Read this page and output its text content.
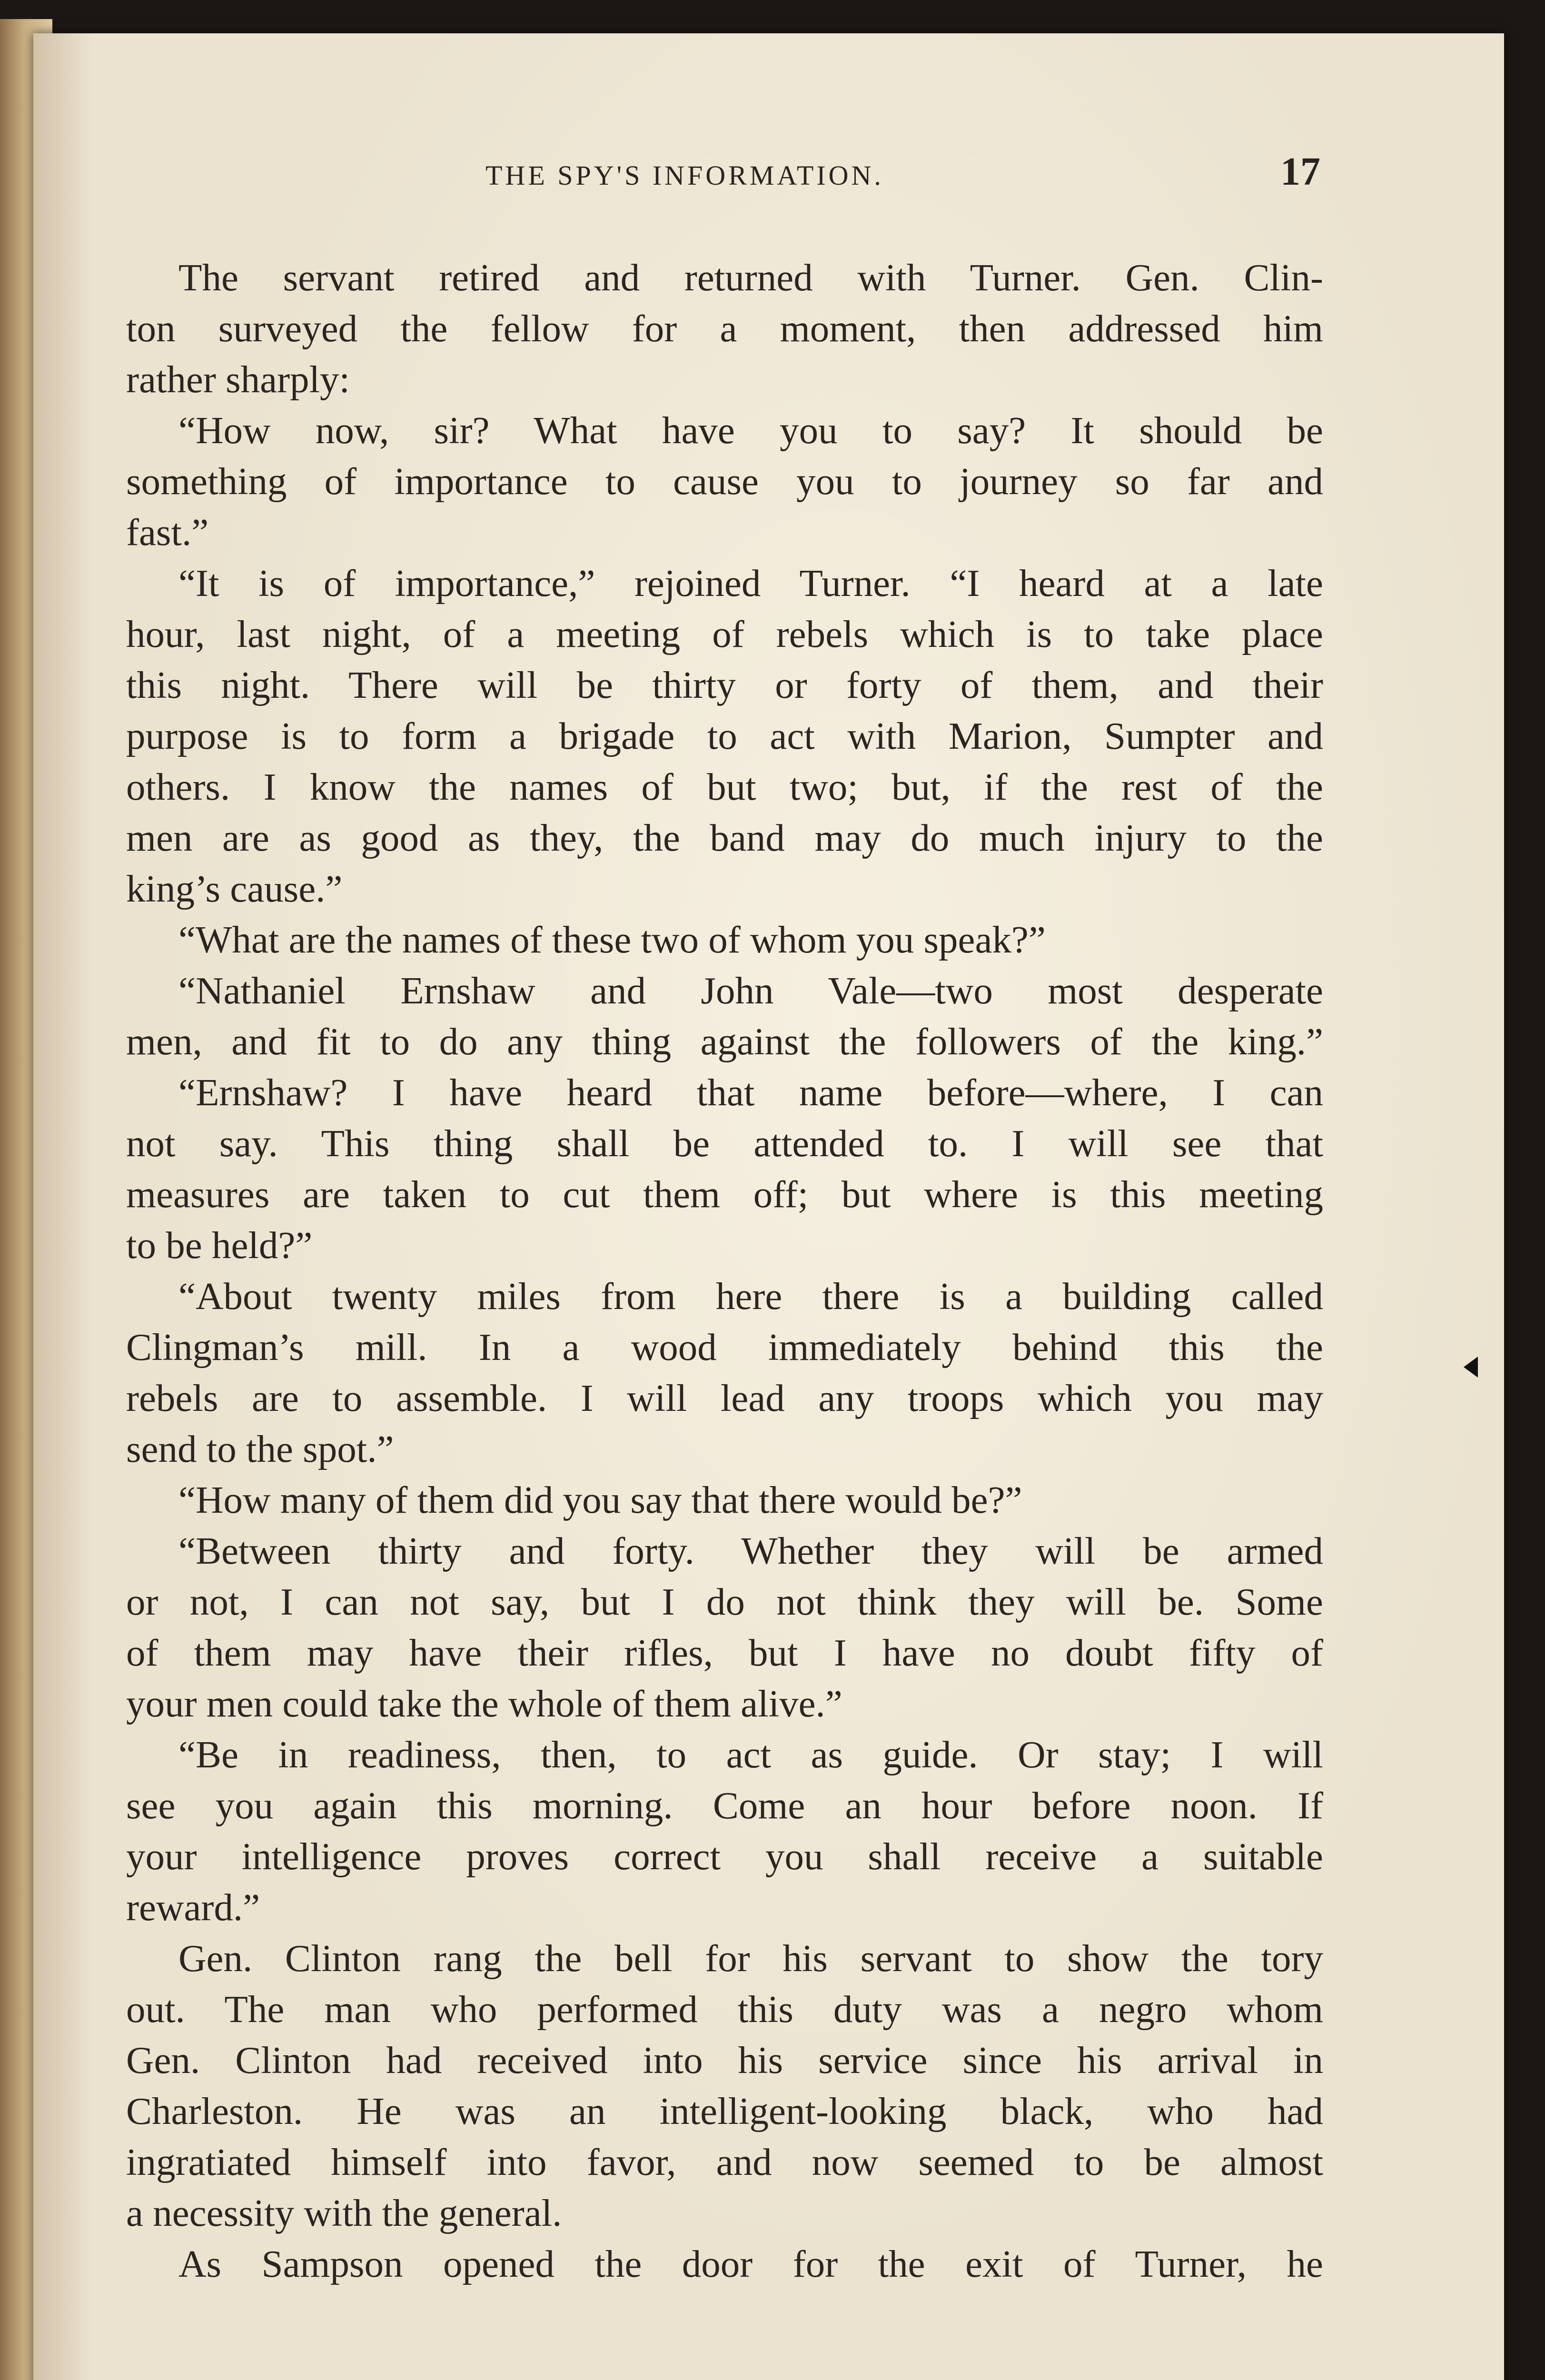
THE SPY'S INFORMATION.	17
The servant retired and returned with Turner. Gen. Clin-
ton surveyed the fellow for a moment, then addressed him
rather sharply:
“How now, sir? What have you to say? It should be
something of importance to cause you to journey so far and
fast.”
“It is of importance,” rejoined Turner. “I heard at a late
hour, last night, of a meeting of rebels which is to take place
this night. There will be thirty or forty of them, and their
purpose is to form a brigade to act with Marion, Sumpter and
others. I know the names of but two; but, if the rest of the
men are as good as they, the band may do much injury to the
king’s cause.”
“What are the names of these two of whom you speak?”
“Nathaniel Ernshaw and John Vale—two most desperate
men, and fit to do any thing against the followers of the king.”
“Ernshaw? I have heard that name before—where, I can
not say. This thing shall be attended to. I will see that
measures are taken to cut them off; but where is this meeting
to be held?”
“About twenty miles from here there is a building called
Clingman’s mill. In a wood immediately behind this the
rebels are to assemble. I will lead any troops which you may
send to the spot.”
“How many of them did you say that there would be?”
“Between thirty and forty. Whether they will be armed
or not, I can not say, but I do not think they will be. Some
of them may have their rifles, but I have no doubt fifty of
your men could take the whole of them alive.”
“Be in readiness, then, to act as guide. Or stay; I will
see you again this morning. Come an hour before noon. If
your intelligence proves correct you shall receive a suitable
reward.”
Gen. Clinton rang the bell for his servant to show the tory
out. The man who performed this duty was a negro whom
Gen. Clinton had received into his service since his arrival in
Charleston. He was an intelligent-looking black, who had
ingratiated himself into favor, and now seemed to be almost
a necessity with the general.
As Sampson opened the door for the exit of Turner, he
